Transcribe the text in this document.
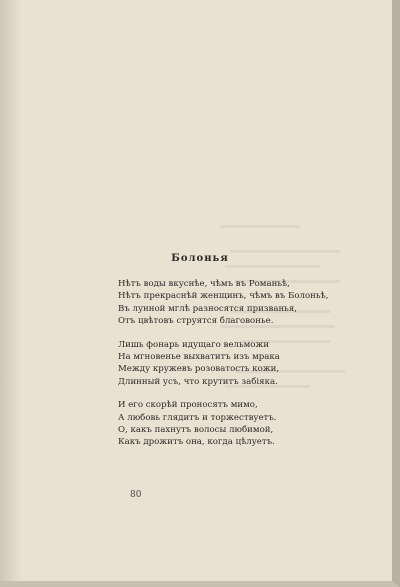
Болонья
Нѣтъ воды вкуснѣе, чѣмъ въ Романьѣ,
Нѣтъ прекраснѣй женщинъ, чѣмъ въ Болоньѣ,
Въ лунной мглѣ разносятся призванья,
Отъ цвѣтовъ струятся благовонье.
Лишь фонарь идущаго вельможи
На мгновенье выхватитъ изъ мрака
Между кружевъ розоватость кожи,
Длинный усъ, что крутитъ забіяка.
И его скорѣй проносятъ мимо,
А любовь глядитъ и торжествуетъ.
О, какъ пахнутъ волосы любимой,
Какъ дрожитъ она, когда цѣлуетъ.
80
